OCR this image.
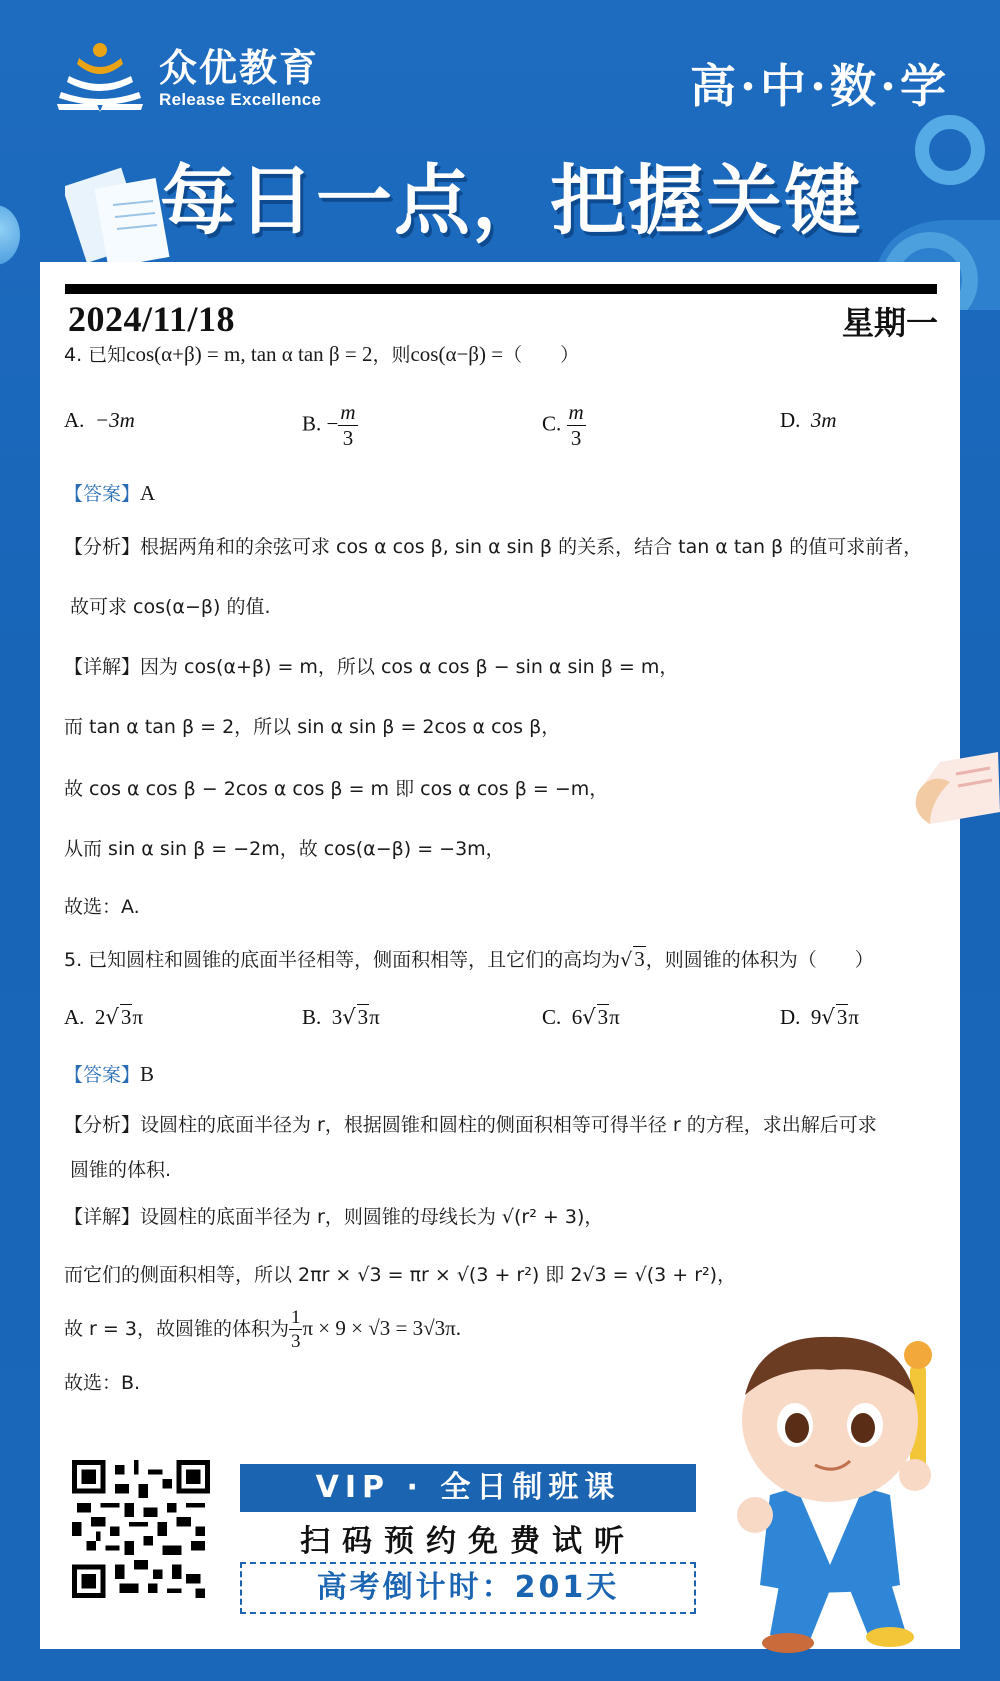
众优教育
Release Excellence	高·中·数·学
每日一点，把握关键
2024/11/18	星期一
4. 已知cos(α+β) = m, tan α tan β = 2，则cos(α−β) =（　　）
A. −3m	B. − $\frac{m}{3}$	C. $\frac{m}{3}$	D. 3m
【答案】A
【分析】根据两角和的余弦可求 cos α cos β, sin α sin β 的关系，结合 tan α tan β 的值可求前者，
故可求 cos(α−β) 的值.
【详解】因为 cos(α+β) = m，所以 cos α cos β − sin α sin β = m，
而 tan α tan β = 2，所以 sin α sin β = 2cos α cos β，
故 cos α cos β − 2cos α cos β = m 即 cos α cos β = −m，
从而 sin α sin β = −2m，故 cos(α−β) = −3m，
故选：A.
5. 已知圆柱和圆锥的底面半径相等，侧面积相等，且它们的高均为√3，则圆锥的体积为（　　）
A. 2√3π	B. 3√3π	C. 6√3π	D. 9√3π
【答案】B
【分析】设圆柱的底面半径为 r，根据圆锥和圆柱的侧面积相等可得半径 r 的方程，求出解后可求
圆锥的体积.
【详解】设圆柱的底面半径为 r，则圆锥的母线长为 √(r² + 3)，
而它们的侧面积相等，所以 2πr × √3 = πr × √(3 + r²) 即 2√3 = √(3 + r²)，
故 r = 3，故圆锥的体积为 $\frac{1}{3}$ π × 9 × √3 = 3√3π.
故选：B.
VIP · 全日制班课
扫码预约免费试听
高考倒计时：201天
